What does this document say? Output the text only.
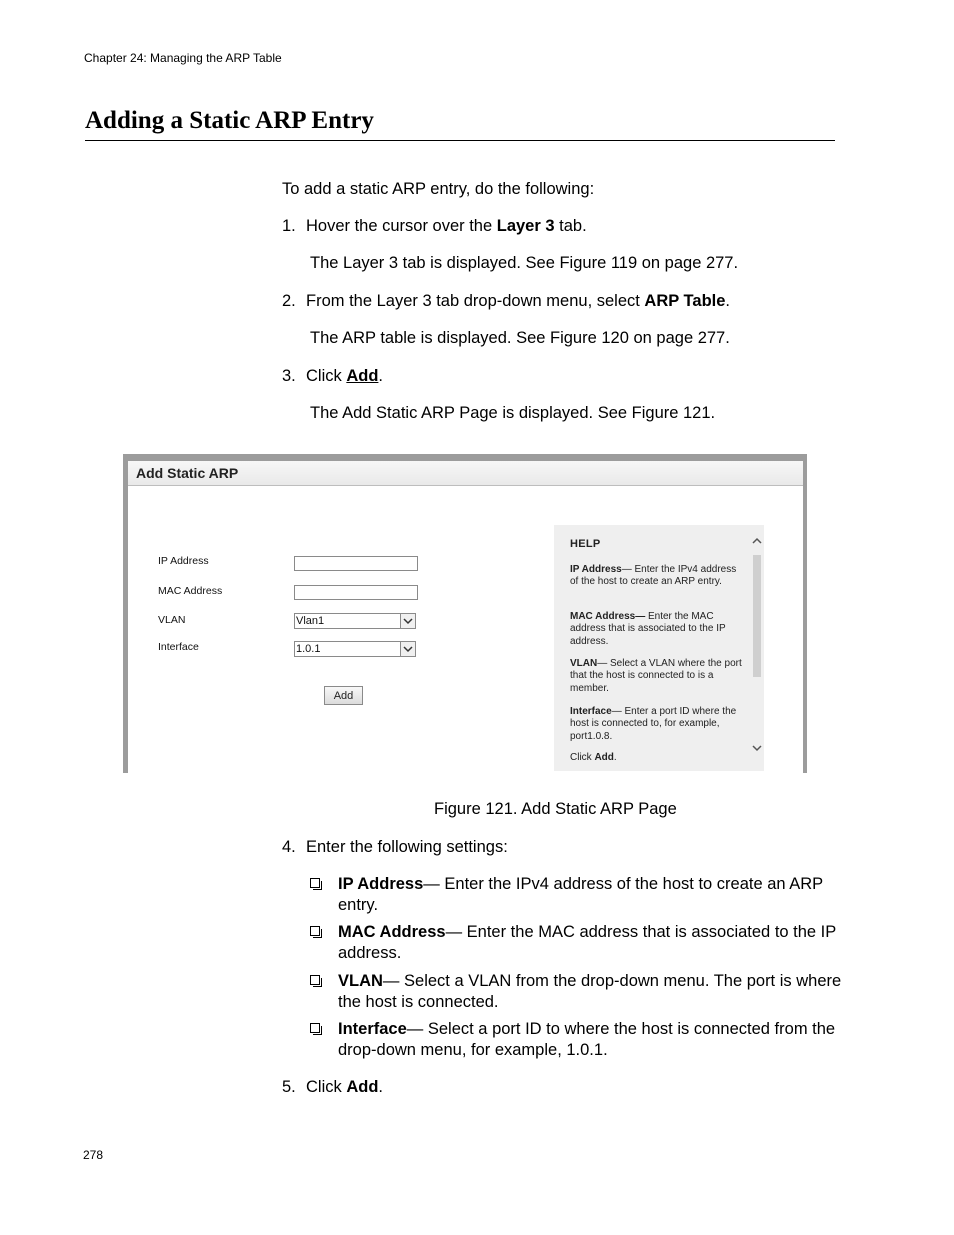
Chapter 24: Managing the ARP Table
Adding a Static ARP Entry
To add a static ARP entry, do the following:
1. Hover the cursor over the Layer 3 tab.
The Layer 3 tab is displayed. See Figure 119 on page 277.
2. From the Layer 3 tab drop-down menu, select ARP Table.
The ARP table is displayed. See Figure 120 on page 277.
3. Click Add.
The Add Static ARP Page is displayed. See Figure 121.
Add Static ARP
IP Address
MAC Address
VLAN	Vlan1
Interface	1.0.1
Add
HELP
IP Address— Enter the IPv4 address of the host to create an ARP entry.
MAC Address— Enter the MAC address that is associated to the IP address.
VLAN— Select a VLAN where the port that the host is connected to is a member.
Interface— Enter a port ID where the host is connected to, for example, port1.0.8.
Click Add.
Figure 121. Add Static ARP Page
4. Enter the following settings:
IP Address— Enter the IPv4 address of the host to create an ARP entry.
MAC Address— Enter the MAC address that is associated to the IP address.
VLAN— Select a VLAN from the drop-down menu. The port is where the host is connected.
Interface— Select a port ID to where the host is connected from the drop-down menu, for example, 1.0.1.
5. Click Add.
278
